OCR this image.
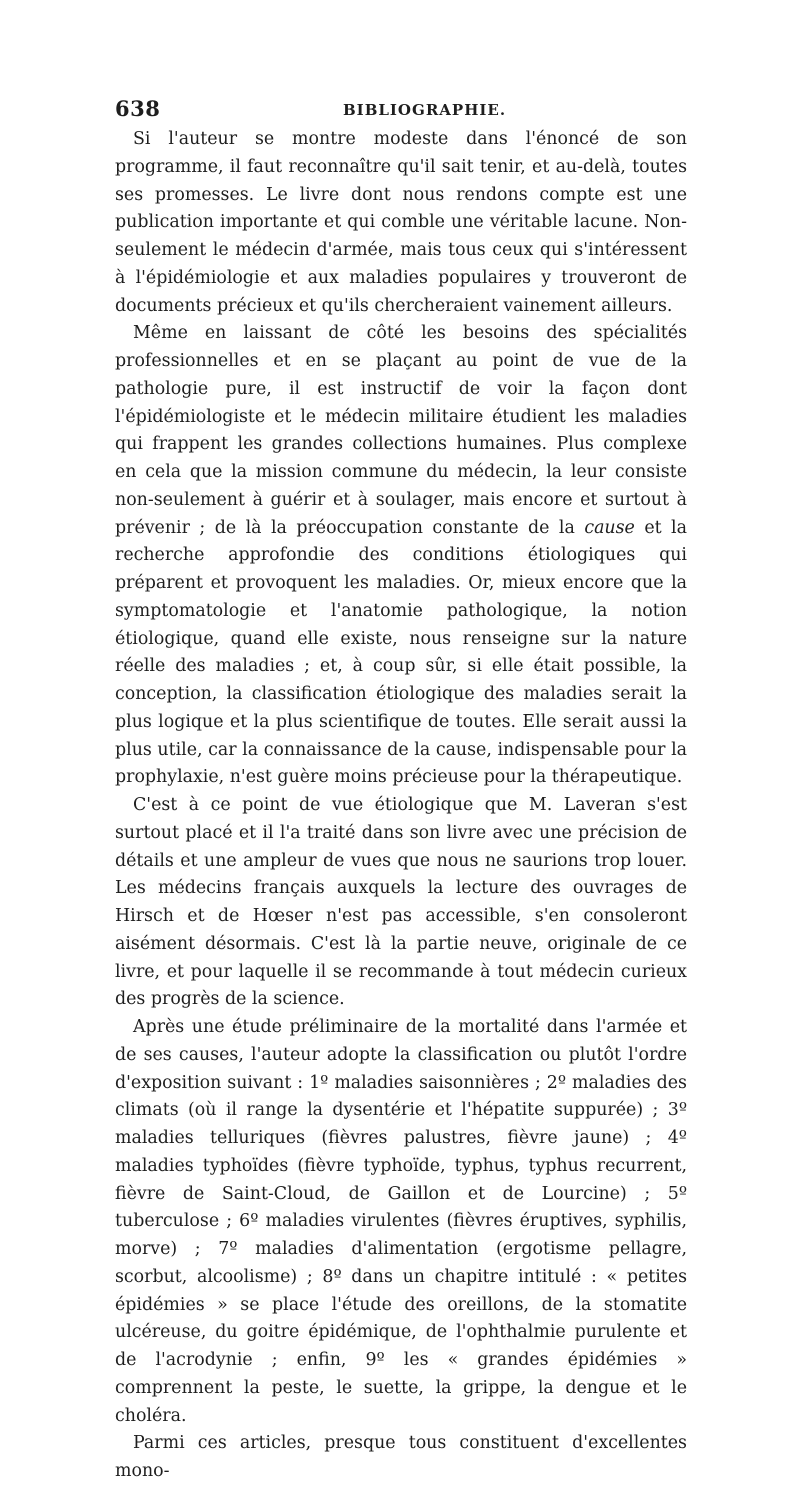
638	BIBLIOGRAPHIE.

Si l'auteur se montre modeste dans l'énoncé de son programme, il faut reconnaître qu'il sait tenir, et au-delà, toutes ses promesses. Le livre dont nous rendons compte est une publication importante et qui comble une véritable lacune. Non-seulement le médecin d'armée, mais tous ceux qui s'intéressent à l'épidémiologie et aux maladies populaires y trouveront de documents précieux et qu'ils chercheraient vainement ailleurs.

Même en laissant de côté les besoins des spécialités professionnelles et en se plaçant au point de vue de la pathologie pure, il est instructif de voir la façon dont l'épidémiologiste et le médecin militaire étudient les maladies qui frappent les grandes collections humaines. Plus complexe en cela que la mission commune du médecin, la leur consiste non-seulement à guérir et à soulager, mais encore et surtout à prévenir ; de là la préoccupation constante de la cause et la recherche approfondie des conditions étiologiques qui préparent et provoquent les maladies. Or, mieux encore que la symptomatologie et l'anatomie pathologique, la notion étiologique, quand elle existe, nous renseigne sur la nature réelle des maladies ; et, à coup sûr, si elle était possible, la conception, la classification étiologique des maladies serait la plus logique et la plus scientifique de toutes. Elle serait aussi la plus utile, car la connaissance de la cause, indispensable pour la prophylaxie, n'est guère moins précieuse pour la thérapeutique.

C'est à ce point de vue étiologique que M. Laveran s'est surtout placé et il l'a traité dans son livre avec une précision de détails et une ampleur de vues que nous ne saurions trop louer. Les médecins français auxquels la lecture des ouvrages de Hirsch et de Hœser n'est pas accessible, s'en consoleront aisément désormais. C'est là la partie neuve, originale de ce livre, et pour laquelle il se recommande à tout médecin curieux des progrès de la science.

Après une étude préliminaire de la mortalité dans l'armée et de ses causes, l'auteur adopte la classification ou plutôt l'ordre d'exposition suivant : 1º maladies saisonnières ; 2º maladies des climats (où il range la dysentérie et l'hépatite suppurée) ; 3º maladies telluriques (fièvres palustres, fièvre jaune) ; 4º maladies typhoïdes (fièvre typhoïde, typhus, typhus recurrent, fièvre de Saint-Cloud, de Gaillon et de Lourcine) ; 5º tuberculose ; 6º maladies virulentes (fièvres éruptives, syphilis, morve) ; 7º maladies d'alimentation (ergotisme pellagre, scorbut, alcoolisme) ; 8º dans un chapitre intitulé : « petites épidémies » se place l'étude des oreillons, de la stomatite ulcéreuse, du goitre épidémique, de l'ophthalmie purulente et de l'acrodynie ; enfin, 9º les « grandes épidémies » comprennent la peste, le suette, la grippe, la dengue et le choléra.

Parmi ces articles, presque tous constituent d'excellentes mono-
